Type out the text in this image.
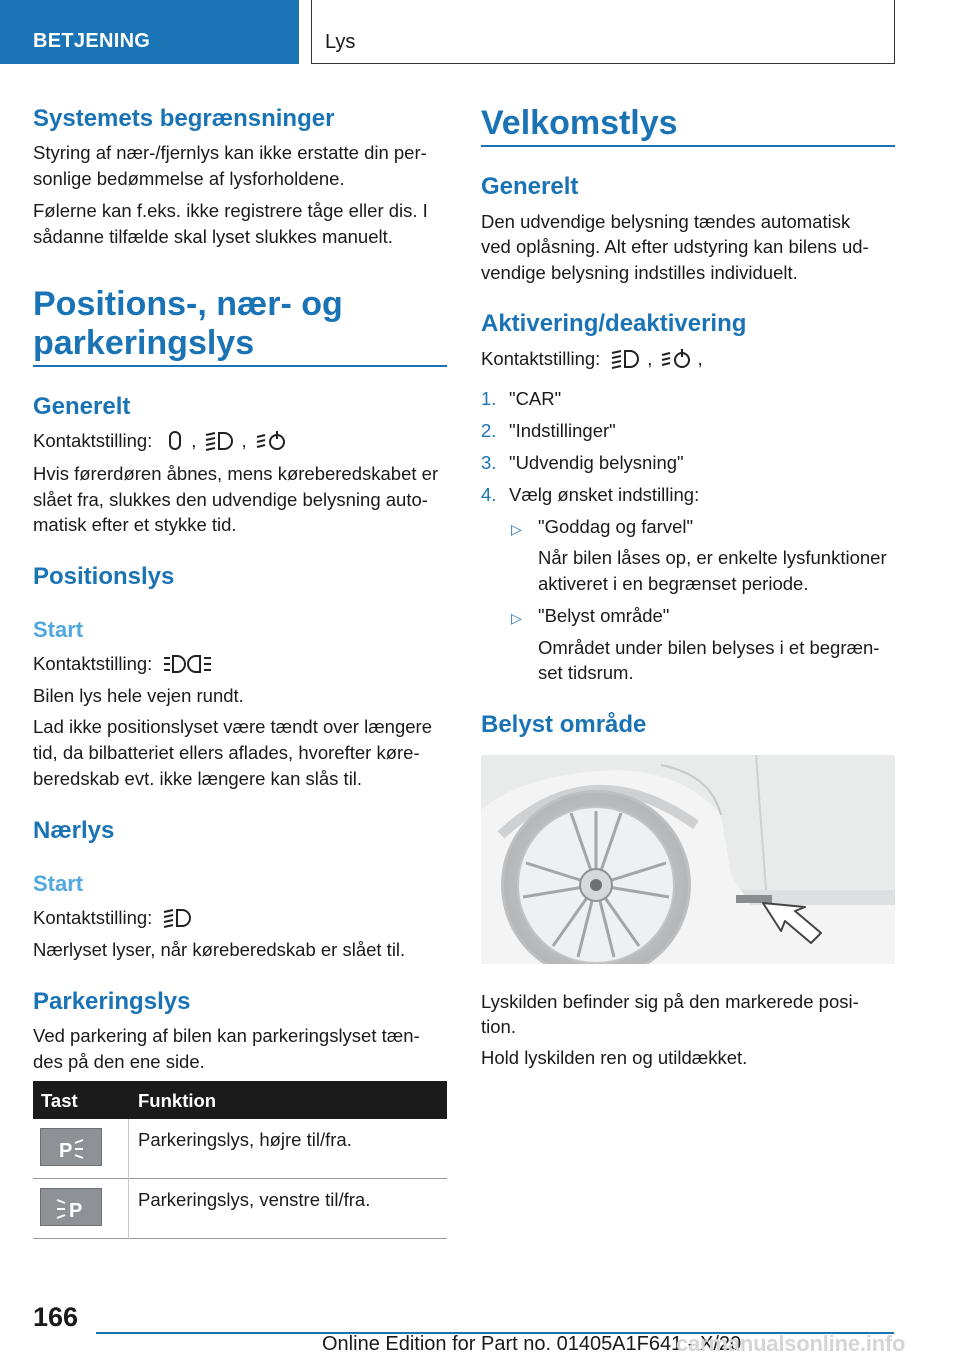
BETJENING	Lys
Systemets begrænsninger

Styring af nær-/fjernlys kan ikke erstatte din per-

sonlige bedømmelse af lysforholdene.

Følerne kan f.eks. ikke registrere tåge eller dis. I

sådanne tilfælde skal lyset slukkes manuelt.

Positions-, nær- og
parkeringslys
Generelt

Kontaktstilling: , ,

Hvis førerdøren åbnes, mens køreberedskabet er

slået fra, slukkes den udvendige belysning auto-

matisk efter et stykke tid.

Positionslys
Start

Kontaktstilling:

Bilen lys hele vejen rundt.

Lad ikke positionslyset være tændt over længere

tid, da bilbatteriet ellers aflades, hvorefter køre-

beredskab evt. ikke længere kan slås til.

Nærlys
Start

Kontaktstilling:

Nærlyset lyser, når køreberedskab er slået til.

Parkeringslys

Ved parkering af bilen kan parkeringslyset tæn-

des på den ene side.

Tast	Funktion
P
Parkeringslys, højre til/fra.
P
Parkeringslys, venstre til/fra.
Velkomstlys
Generelt

Den udvendige belysning tændes automatisk

ved oplåsning. Alt efter udstyring kan bilens ud-

vendige belysning indstilles individuelt.

Aktivering/deaktivering

Kontaktstilling:	, ,

1. "CAR"
2. "Indstillinger"
3. "Udvendig belysning"
4. Vælg ønsket indstilling:
▷ "Goddag og farvel"

Når bilen låses op, er enkelte lysfunktioner

aktiveret i en begrænset periode.

▷ "Belyst område"

Området under bilen belyses i et begræn-

set tidsrum.

Belyst område

Lyskilden befinder sig på den markerede posi-

tion.

Hold lyskilden ren og utildækket.

166
Online Edition for Part no. 01405A1F641 - X/20
carmanualsonline.info
